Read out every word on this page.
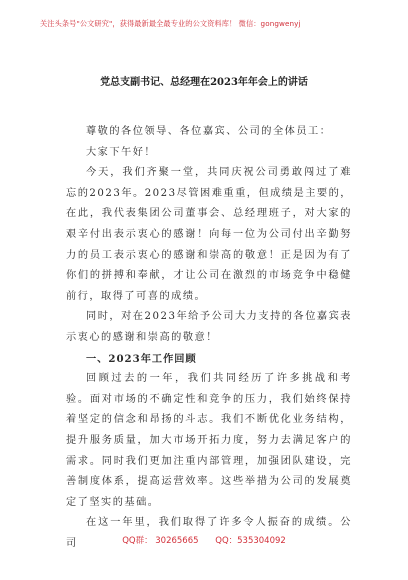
关注头条号"公文研究"，获得最新最全最专业的公文资料库！ 微信：gongwenyj
党总支副书记、总经理在2023年年会上的讲话

尊敬的各位领导、各位嘉宾、公司的全体员工：

大家下午好！

今天，我们齐聚一堂，共同庆祝公司勇敢闯过了难忘的2023年。2023尽管困难重重，但成绩是主要的，在此，我代表集团公司董事会、总经理班子，对大家的艰辛付出表示衷心的感谢！向每一位为公司付出辛勤努力的员工表示衷心的感谢和崇高的敬意！正是因为有了你们的拼搏和奉献，才让公司在激烈的市场竞争中稳健前行，取得了可喜的成绩。

同时，对在2023年给予公司大力支持的各位嘉宾表示衷心的感谢和崇高的敬意！

一、2023年工作回顾

回顾过去的一年，我们共同经历了许多挑战和考验。面对市场的不确定性和竞争的压力，我们始终保持着坚定的信念和昂扬的斗志。我们不断优化业务结构，提升服务质量，加大市场开拓力度，努力去满足客户的需求。同时我们更加注重内部管理，加强团队建设，完善制度体系，提高运营效率。这些举措为公司的发展奠定了坚实的基础。

在这一年里，我们取得了许多令人振奋的成绩。公司	QQ群： 30265665 QQ：535304092
